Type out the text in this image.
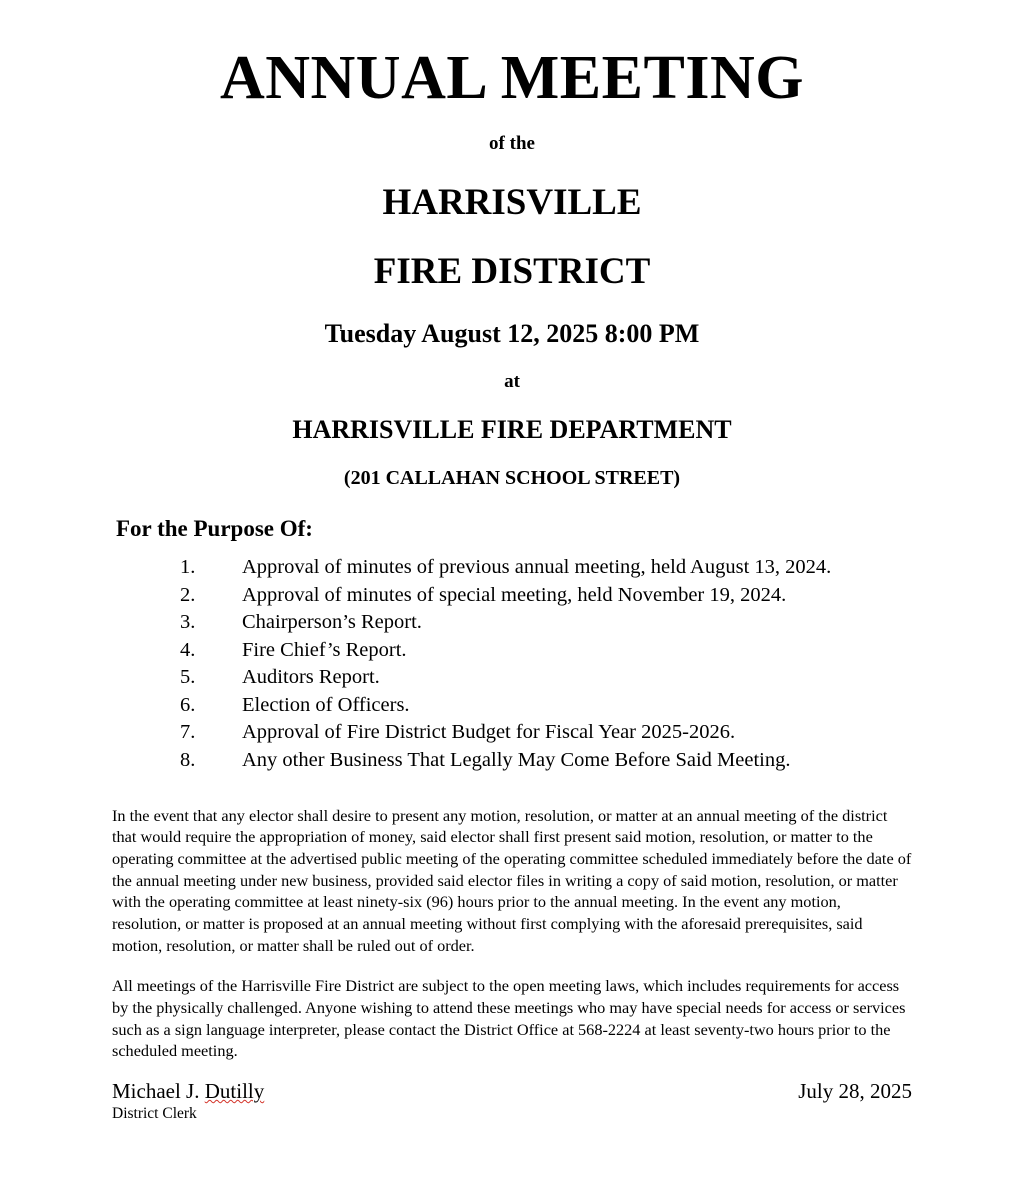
ANNUAL MEETING
of the
HARRISVILLE
FIRE DISTRICT
Tuesday August 12, 2025 8:00 PM
at
HARRISVILLE FIRE DEPARTMENT
(201 CALLAHAN SCHOOL STREET)
For the Purpose Of:
1.	Approval of minutes of previous annual meeting, held August 13, 2024.
2.	Approval of minutes of special meeting, held November 19, 2024.
3.	Chairperson’s Report.
4.	Fire Chief’s Report.
5.	Auditors Report.
6.	Election of Officers.
7.	Approval of Fire District Budget for Fiscal Year 2025-2026.
8.	Any other Business That Legally May Come Before Said Meeting.

In the event that any elector shall desire to present any motion, resolution, or matter at an annual meeting of the district that would require the appropriation of money, said elector shall first present said motion, resolution, or matter to the operating committee at the advertised public meeting of the operating committee scheduled immediately before the date of the annual meeting under new business, provided said elector files in writing a copy of said motion, resolution, or matter with the operating committee at least ninety-six (96) hours prior to the annual meeting. In the event any motion, resolution, or matter is proposed at an annual meeting without first complying with the aforesaid prerequisites, said motion, resolution, or matter shall be ruled out of order.

All meetings of the Harrisville Fire District are subject to the open meeting laws, which includes requirements for access by the physically challenged. Anyone wishing to attend these meetings who may have special needs for access or services such as a sign language interpreter, please contact the District Office at 568-2224 at least seventy-two hours prior to the scheduled meeting.

Michael J. Dutilly	July 28, 2025
District Clerk
